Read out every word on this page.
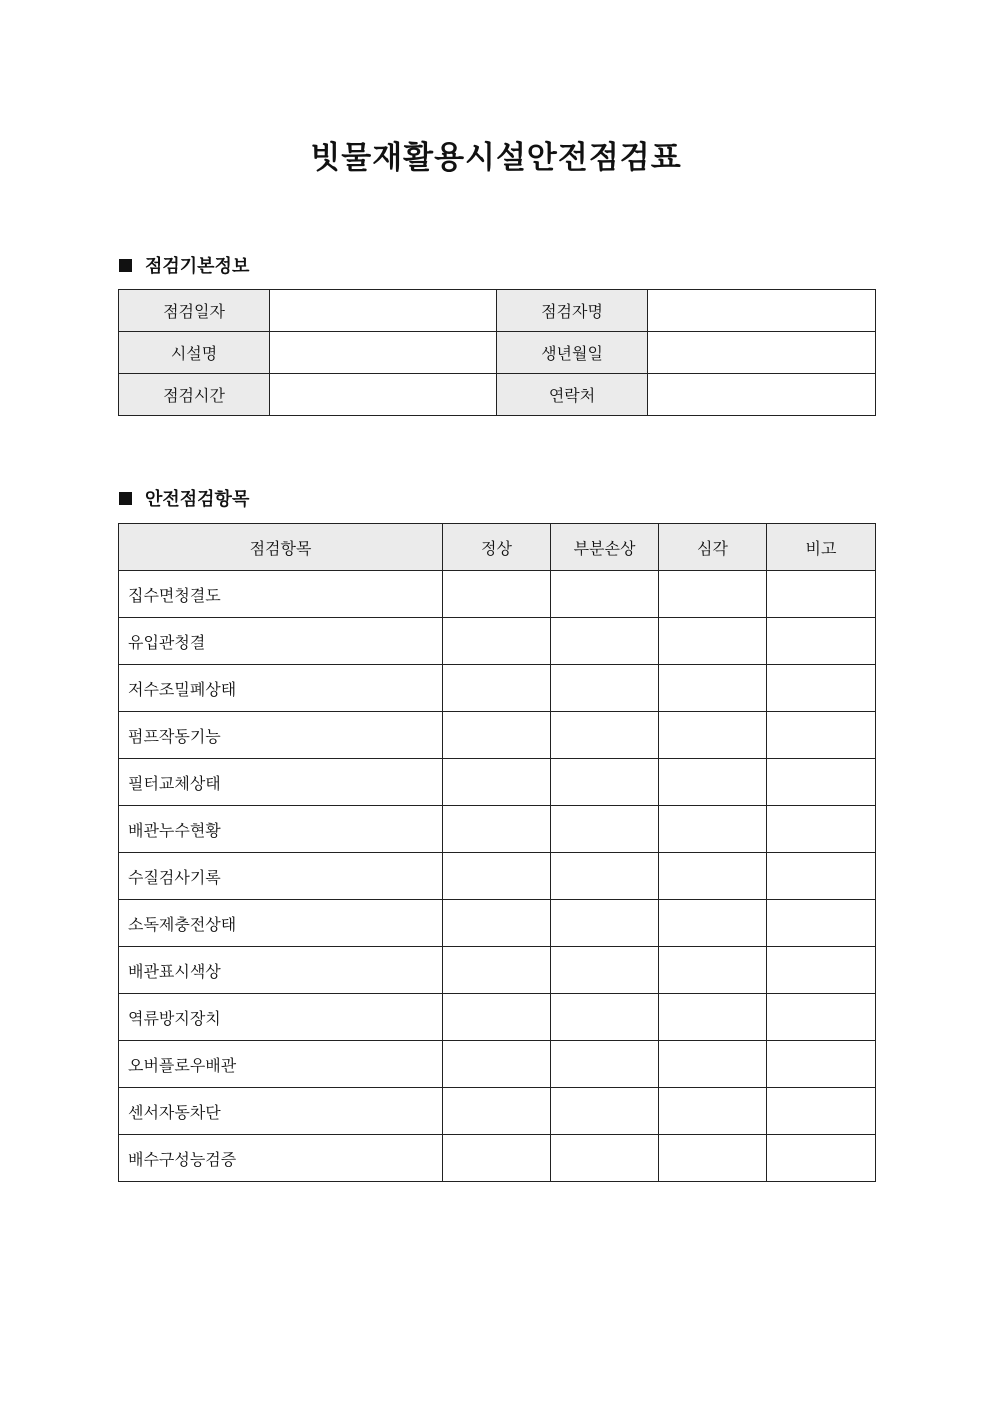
빗물재활용시설안전점검표
점검기본정보
점검일자		점검자명	
시설명		생년월일	
점검시간		연락처	
안전점검항목
점검항목	정상	부분손상	심각	비고
집수면청결도				
유입관청결				
저수조밀폐상태				
펌프작동기능				
필터교체상태				
배관누수현황				
수질검사기록				
소독제충전상태				
배관표시색상				
역류방지장치				
오버플로우배관				
센서자동차단				
배수구성능검증				
